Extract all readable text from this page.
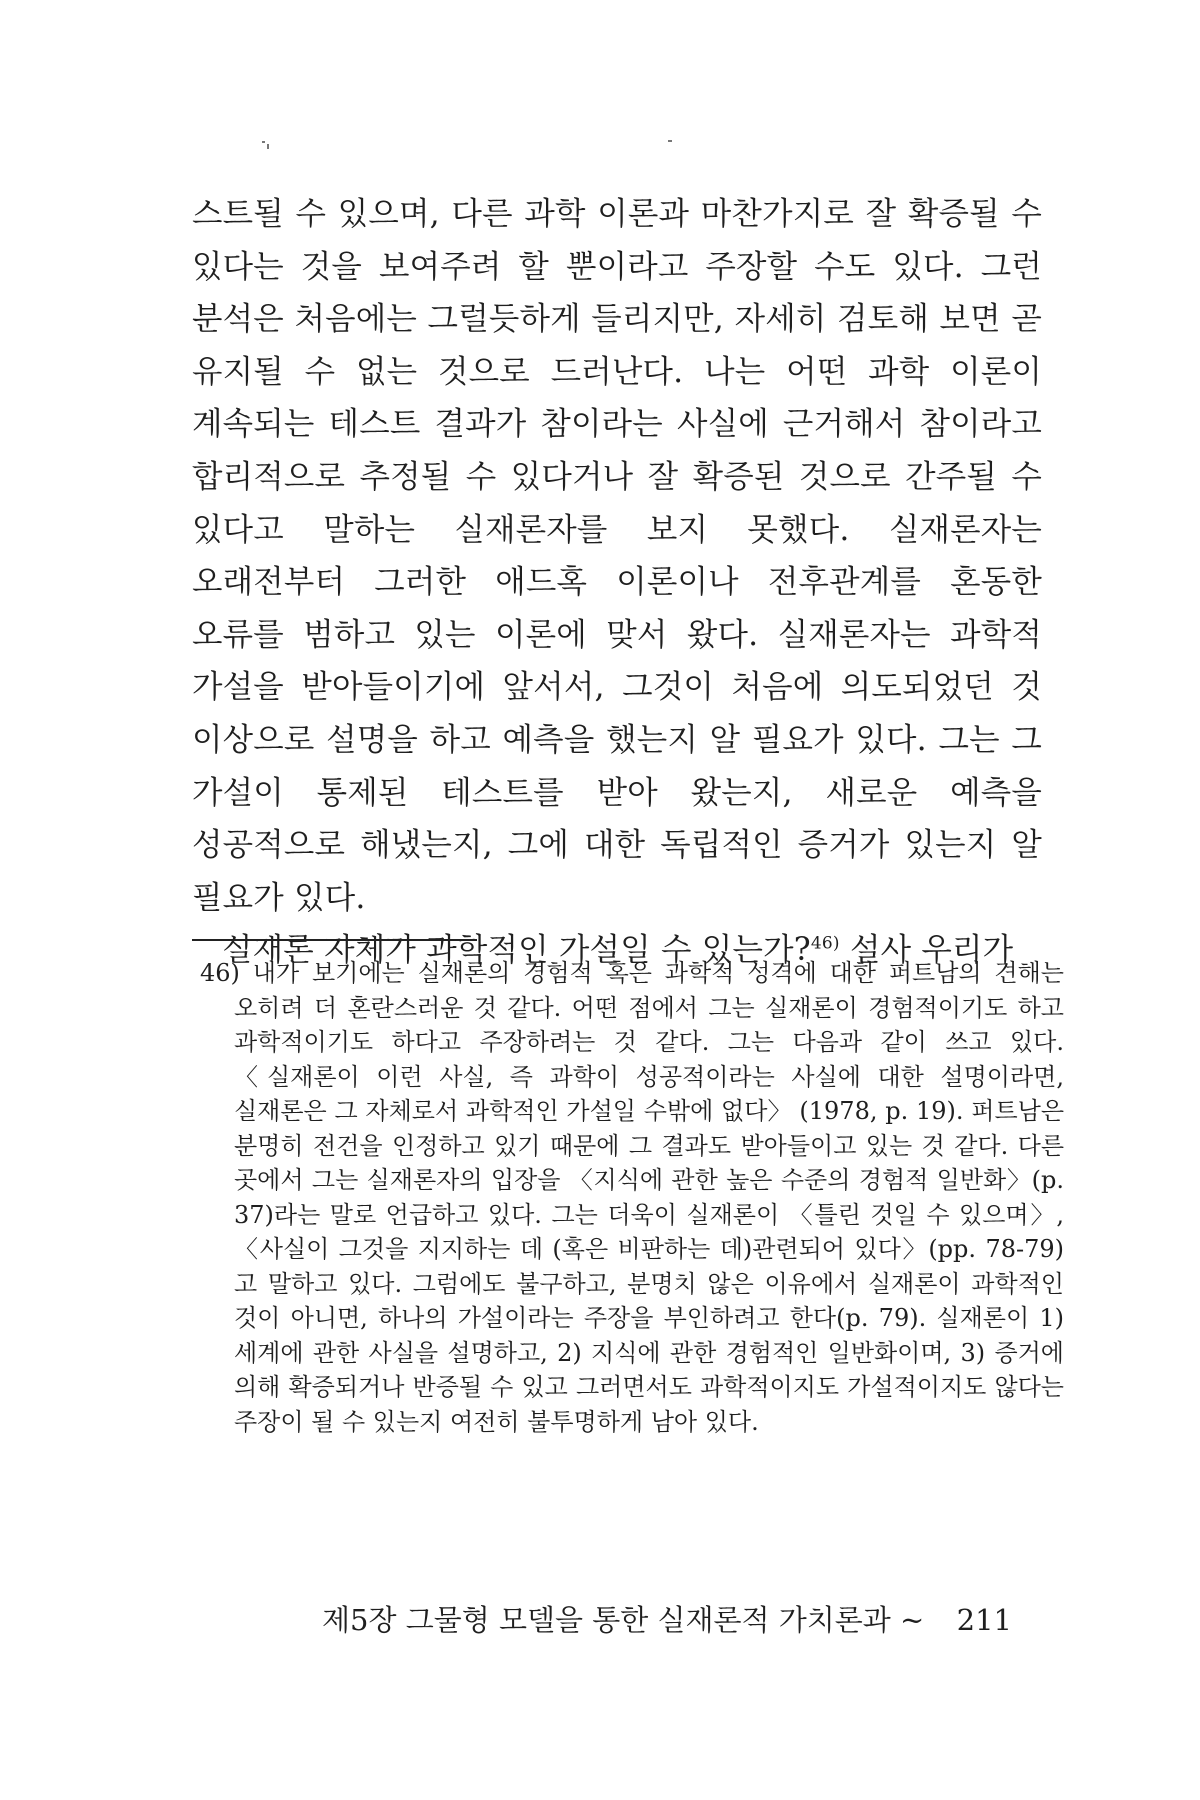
스트될 수 있으며, 다른 과학 이론과 마찬가지로 잘 확증될 수 있다는 것을 보여주려 할 뿐이라고 주장할 수도 있다. 그런 분석은 처음에는 그럴듯하게 들리지만, 자세히 검토해 보면 곧 유지될 수 없는 것으로 드러난다. 나는 어떤 과학 이론이 계속되는 테스트 결과가 참이라는 사실에 근거해서 참이라고 합리적으로 추정될 수 있다거나 잘 확증된 것으로 간주될 수 있다고 말하는 실재론자를 보지 못했다. 실재론자는 오래전부터 그러한 애드혹 이론이나 전후관계를 혼동한 오류를 범하고 있는 이론에 맞서 왔다. 실재론자는 과학적 가설을 받아들이기에 앞서서, 그것이 처음에 의도되었던 것 이상으로 설명을 하고 예측을 했는지 알 필요가 있다. 그는 그 가설이 통제된 테스트를 받아 왔는지, 새로운 예측을 성공적으로 해냈는지, 그에 대한 독립적인 증거가 있는지 알 필요가 있다.

실재론 자체가 과학적인 가설일 수 있는가?$^{46)}$ 설사 우리가

46) 내가 보기에는 실재론의 경험적 혹은 과학적 성격에 대한 퍼트남의 견해는 오히려 더 혼란스러운 것 같다. 어떤 점에서 그는 실재론이 경험적이기도 하고 과학적이기도 하다고 주장하려는 것 같다. 그는 다음과 같이 쓰고 있다. 〈실재론이 이런 사실, 즉 과학이 성공적이라는 사실에 대한 설명이라면, 실재론은 그 자체로서 과학적인 가설일 수밖에 없다〉 (1978, p. 19). 퍼트남은 분명히 전건을 인정하고 있기 때문에 그 결과도 받아들이고 있는 것 같다. 다른 곳에서 그는 실재론자의 입장을 〈지식에 관한 높은 수준의 경험적 일반화〉(p. 37)라는 말로 언급하고 있다. 그는 더욱이 실재론이 〈틀린 것일 수 있으며〉, 〈사실이 그것을 지지하는 데 (혹은 비판하는 데)관련되어 있다〉(pp. 78-79)고 말하고 있다. 그럼에도 불구하고, 분명치 않은 이유에서 실재론이 과학적인 것이 아니면, 하나의 가설이라는 주장을 부인하려고 한다(p. 79). 실재론이 1) 세계에 관한 사실을 설명하고, 2) 지식에 관한 경험적인 일반화이며, 3) 증거에 의해 확증되거나 반증될 수 있고 그러면서도 과학적이지도 가설적이지도 않다는 주장이 될 수 있는지 여전히 불투명하게 남아 있다.
제5장 그물형 모델을 통한 실재론적 가치론과 ~ 211
